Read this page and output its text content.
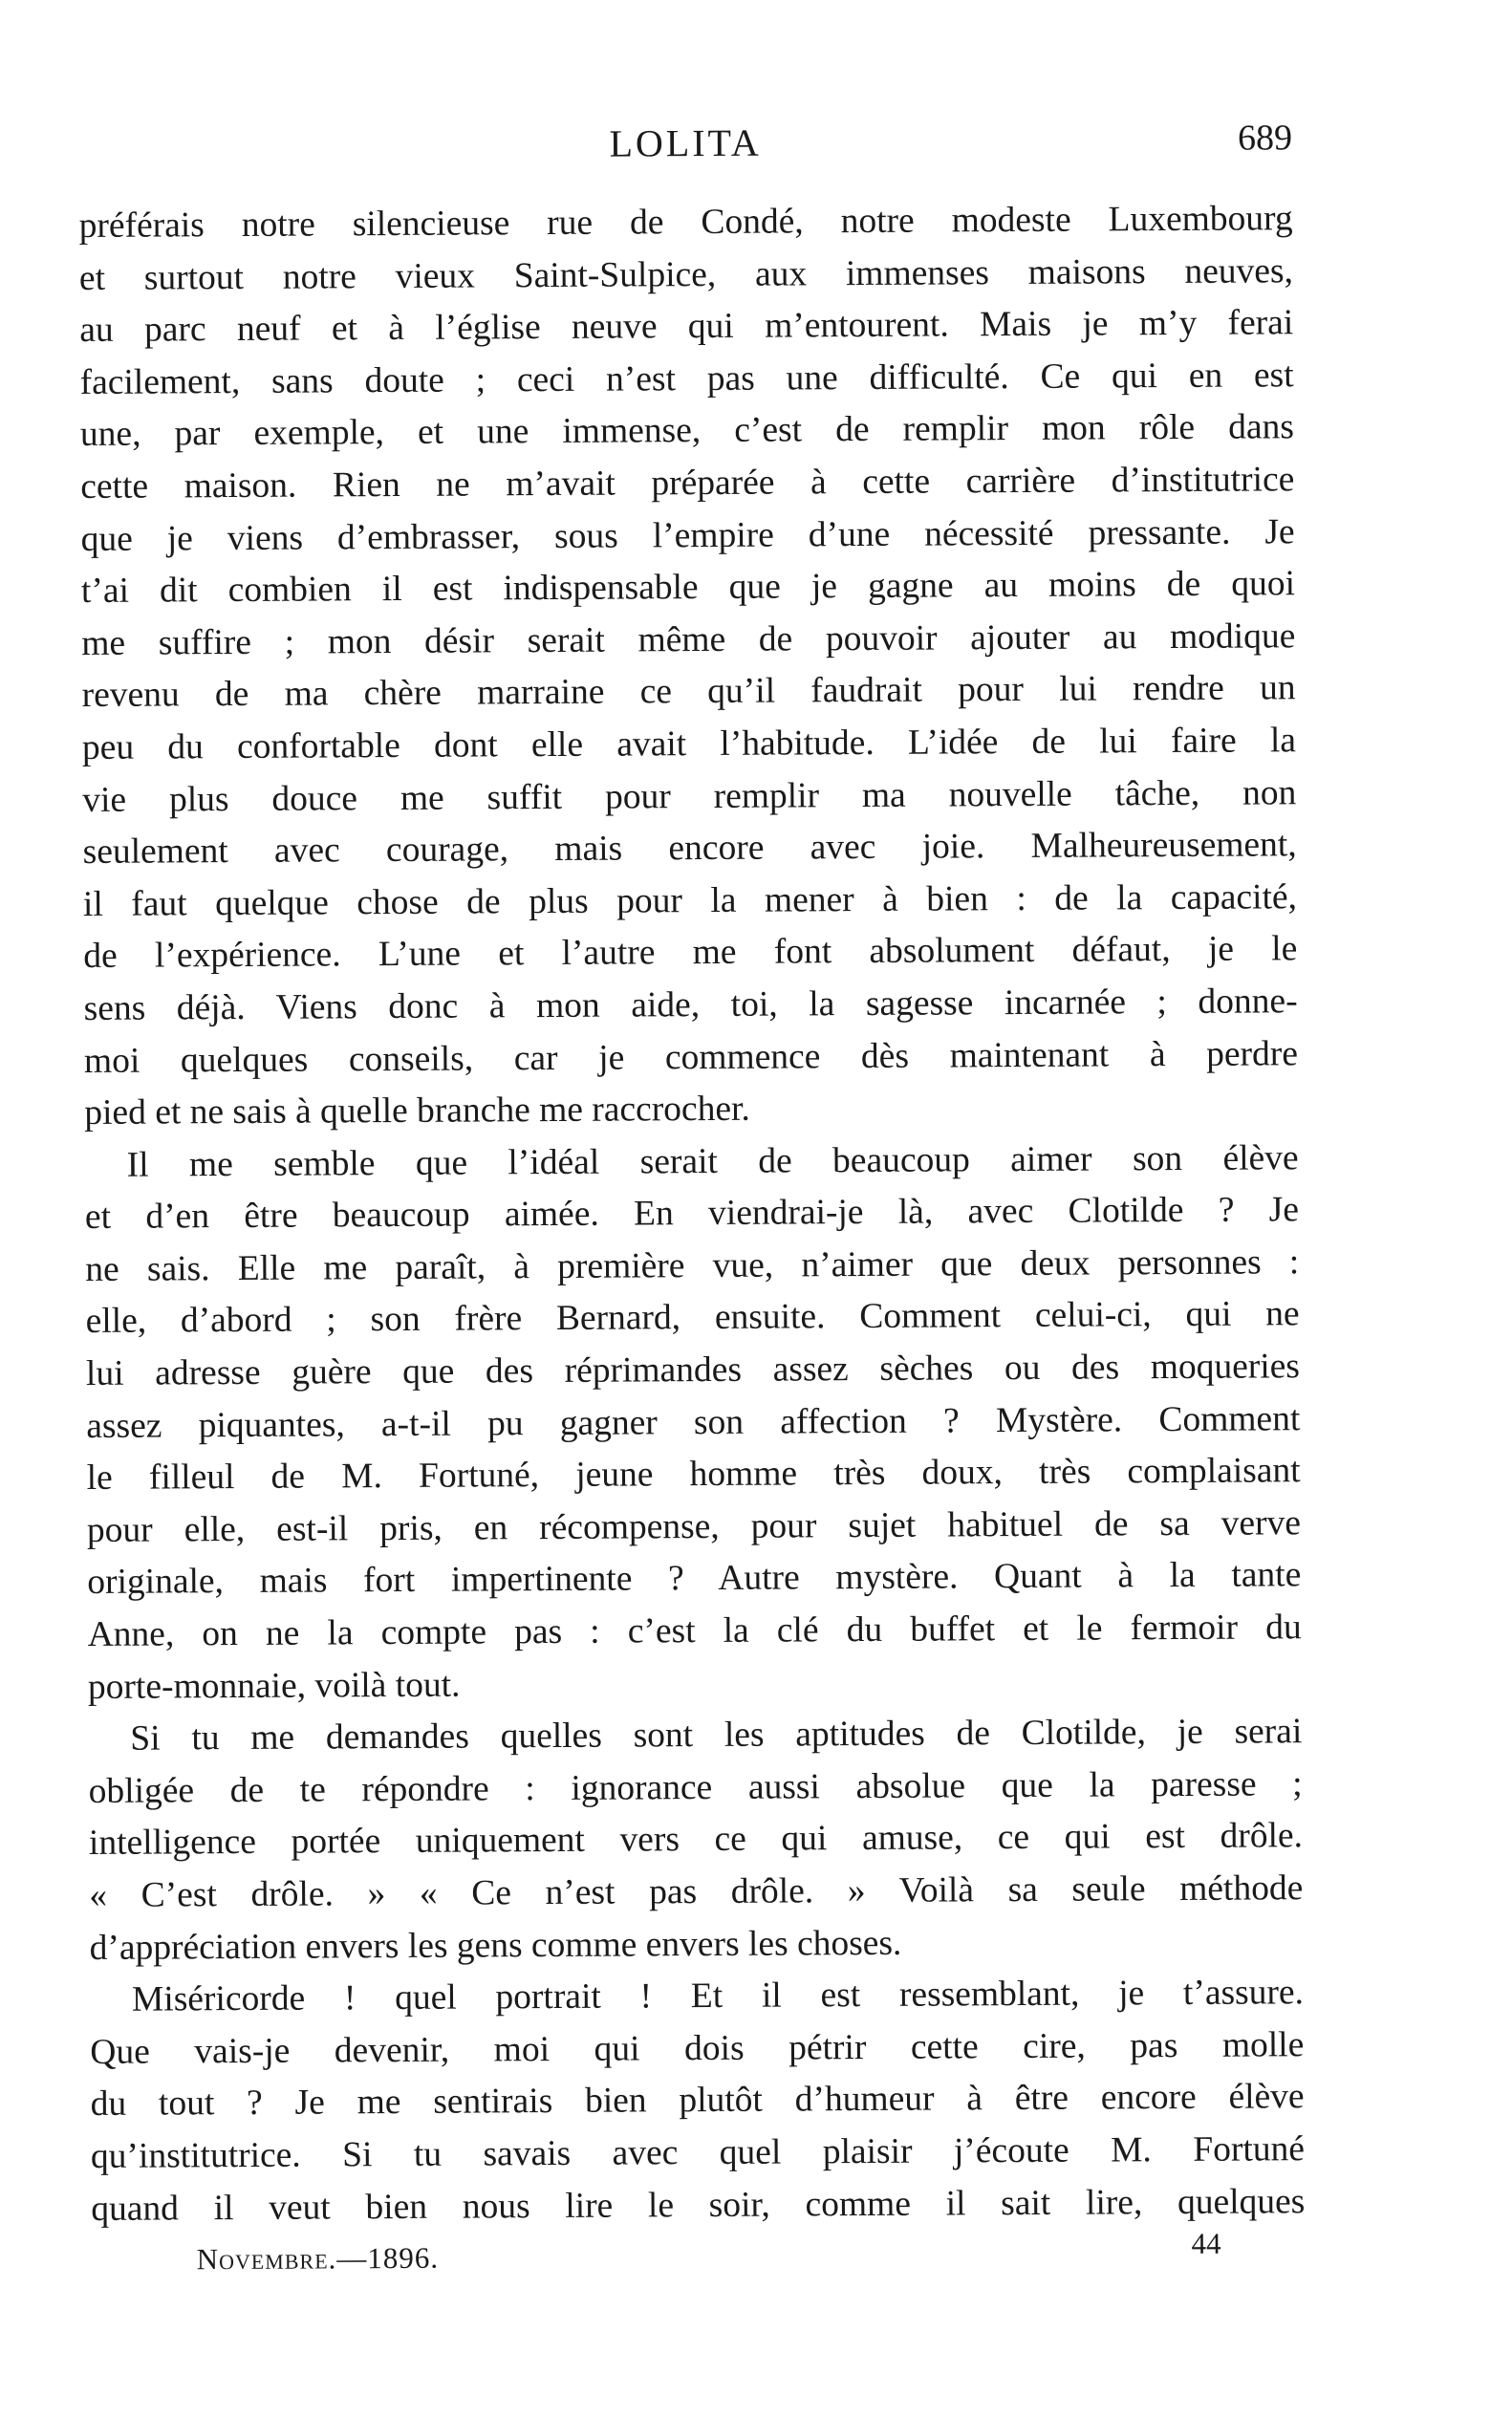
LOLITA	689
préférais notre silencieuse rue de Condé, notre modeste Luxembourg
et surtout notre vieux Saint-Sulpice, aux immenses maisons neuves,
au parc neuf et à l’église neuve qui m’entourent. Mais je m’y ferai
facilement, sans doute ; ceci n’est pas une difficulté. Ce qui en est
une, par exemple, et une immense, c’est de remplir mon rôle dans
cette maison. Rien ne m’avait préparée à cette carrière d’institutrice
que je viens d’embrasser, sous l’empire d’une nécessité pressante. Je
t’ai dit combien il est indispensable que je gagne au moins de quoi
me suffire ; mon désir serait même de pouvoir ajouter au modique
revenu de ma chère marraine ce qu’il faudrait pour lui rendre un
peu du confortable dont elle avait l’habitude. L’idée de lui faire la
vie plus douce me suffit pour remplir ma nouvelle tâche, non
seulement avec courage, mais encore avec joie. Malheureusement,
il faut quelque chose de plus pour la mener à bien : de la capacité,
de l’expérience. L’une et l’autre me font absolument défaut, je le
sens déjà. Viens donc à mon aide, toi, la sagesse incarnée ; donne-
moi quelques conseils, car je commence dès maintenant à perdre
pied et ne sais à quelle branche me raccrocher.
Il me semble que l’idéal serait de beaucoup aimer son élève
et d’en être beaucoup aimée. En viendrai-je là, avec Clotilde ? Je
ne sais. Elle me paraît, à première vue, n’aimer que deux personnes :
elle, d’abord ; son frère Bernard, ensuite. Comment celui-ci, qui ne
lui adresse guère que des réprimandes assez sèches ou des moqueries
assez piquantes, a-t-il pu gagner son affection ? Mystère. Comment
le filleul de M. Fortuné, jeune homme très doux, très complaisant
pour elle, est-il pris, en récompense, pour sujet habituel de sa verve
originale, mais fort impertinente ? Autre mystère. Quant à la tante
Anne, on ne la compte pas : c’est la clé du buffet et le fermoir du
porte-monnaie, voilà tout.
Si tu me demandes quelles sont les aptitudes de Clotilde, je serai
obligée de te répondre : ignorance aussi absolue que la paresse ;
intelligence portée uniquement vers ce qui amuse, ce qui est drôle.
« C’est drôle. » « Ce n’est pas drôle. » Voilà sa seule méthode
d’appréciation envers les gens comme envers les choses.
Miséricorde ! quel portrait ! Et il est ressemblant, je t’assure.
Que vais-je devenir, moi qui dois pétrir cette cire, pas molle
du tout ? Je me sentirais bien plutôt d’humeur à être encore élève
qu’institutrice. Si tu savais avec quel plaisir j’écoute M. Fortuné
quand il veut bien nous lire le soir, comme il sait lire, quelques
Novembre.—1896.	44
